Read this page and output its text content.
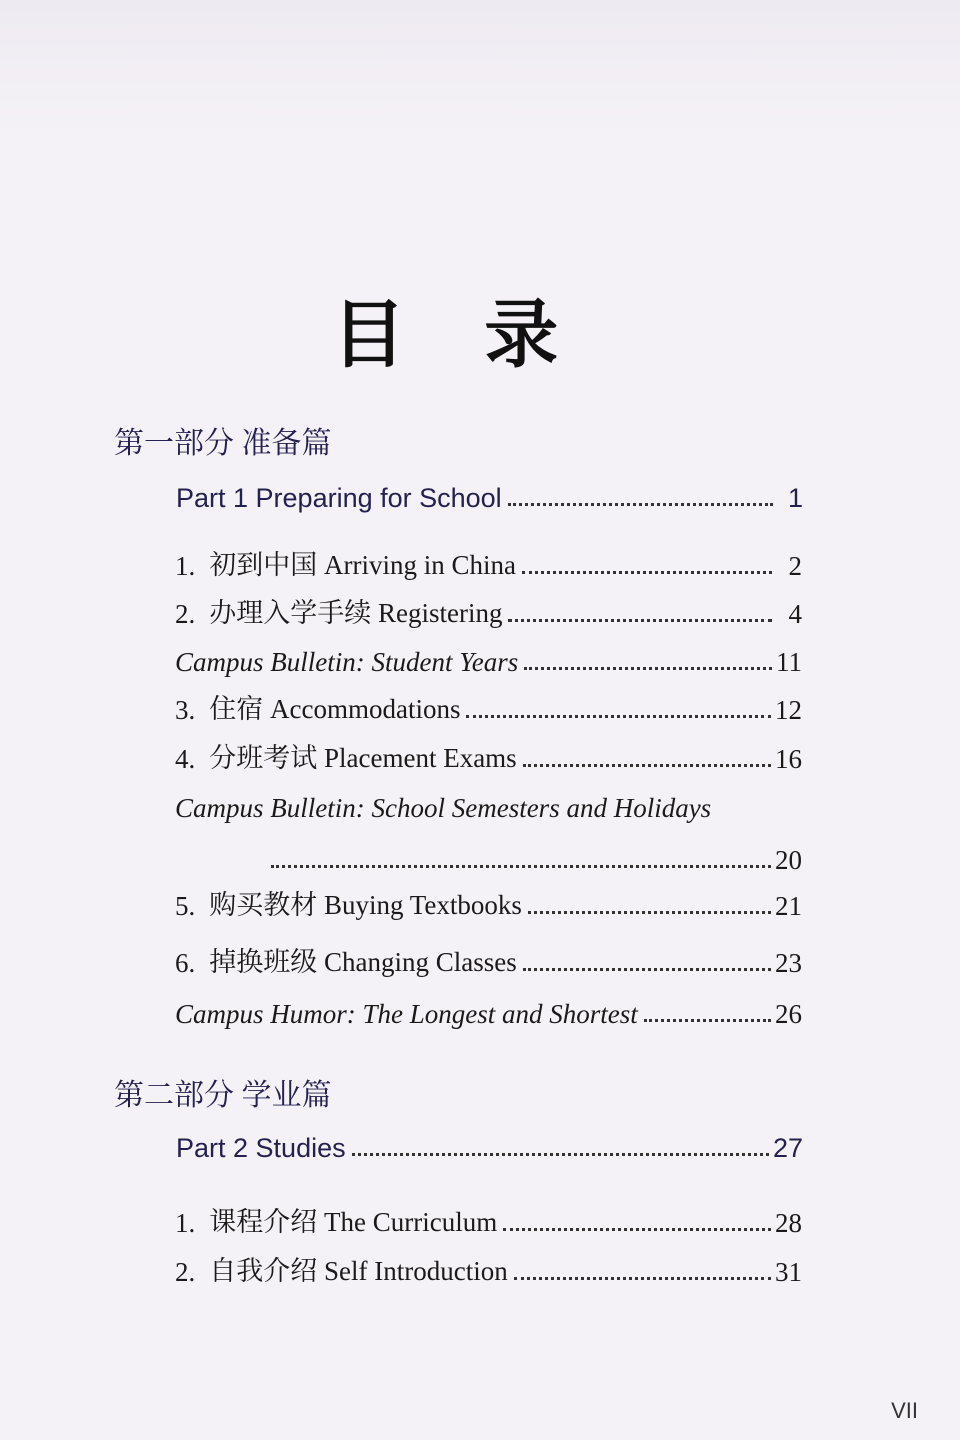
目 录
第一部分 准备篇
Part 1 Preparing for School	1
1. 初到中国 Arriving in China	2
2. 办理入学手续 Registering	4
Campus Bulletin: Student Years	11
3. 住宿 Accommodations	12
4. 分班考试 Placement Exams	16
Campus Bulletin: School Semesters and Holidays
20
5. 购买教材 Buying Textbooks	21
6. 掉换班级 Changing Classes	23
Campus Humor: The Longest and Shortest	26
第二部分 学业篇
Part 2 Studies	27
1. 课程介绍 The Curriculum	28
2. 自我介绍 Self Introduction	31
VII
